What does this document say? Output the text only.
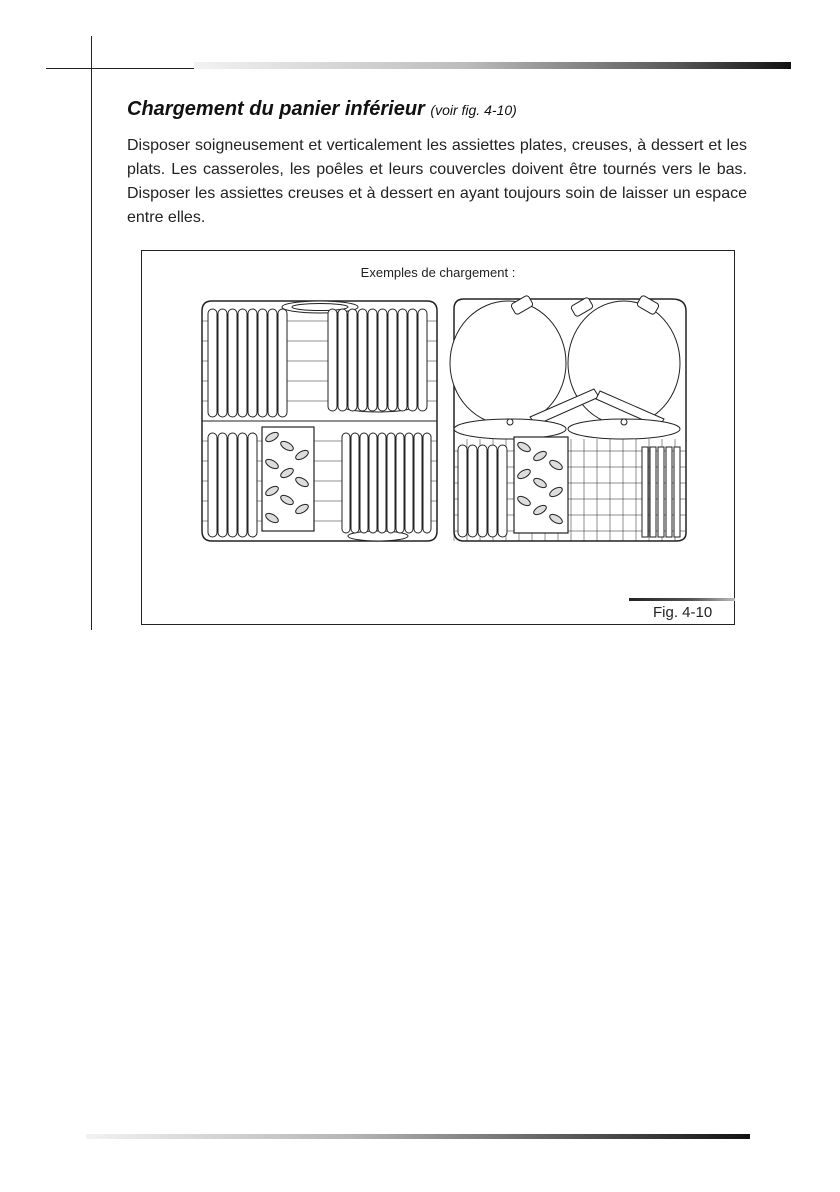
Chargement du panier inférieur (voir fig. 4-10)

Disposer soigneusement et verticalement les assiettes plates, creuses, à dessert et les plats. Les casseroles, les poêles et leurs couvercles doivent être tournés vers le bas. Disposer les assiettes creuses et à dessert en ayant toujours soin de laisser un espace entre elles.

Exemples de chargement :
Fig. 4-10
